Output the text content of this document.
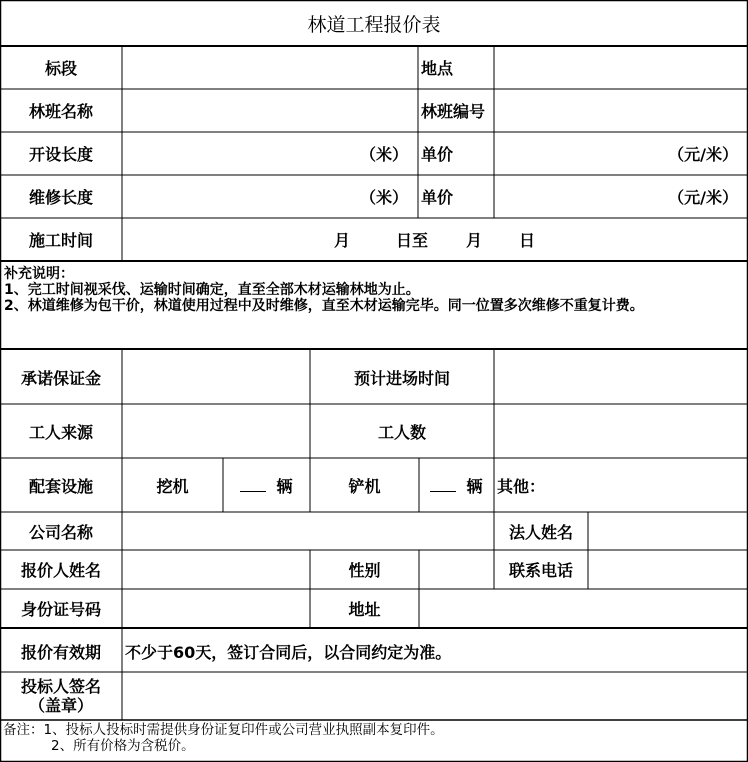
林道工程报价表
标段	地点
林班名称	林班编号
开设长度	（米） 单价	（元/米）
维修长度	（米） 单价	（元/米）
施工时间	月	日至 月 日
补充说明：
1、完工时间视采伐、运输时间确定，直至全部木材运输林地为止。
2、林道维修为包干价，林道使用过程中及时维修，直至木材运输完毕。同一位置多次维修不重复计费。
承诺保证金	预计进场时间
工人来源	工人数
配套设施	挖机	辆	铲机	辆 其他：
公司名称	法人姓名
报价人姓名	性别	联系电话
身份证号码	地址
报价有效期	不少于60天，签订合同后，以合同约定为准。
投标人签名
（盖章）
备注：1、投标人投标时需提供身份证复印件或公司营业执照副本复印件。
2、所有价格为含税价。
